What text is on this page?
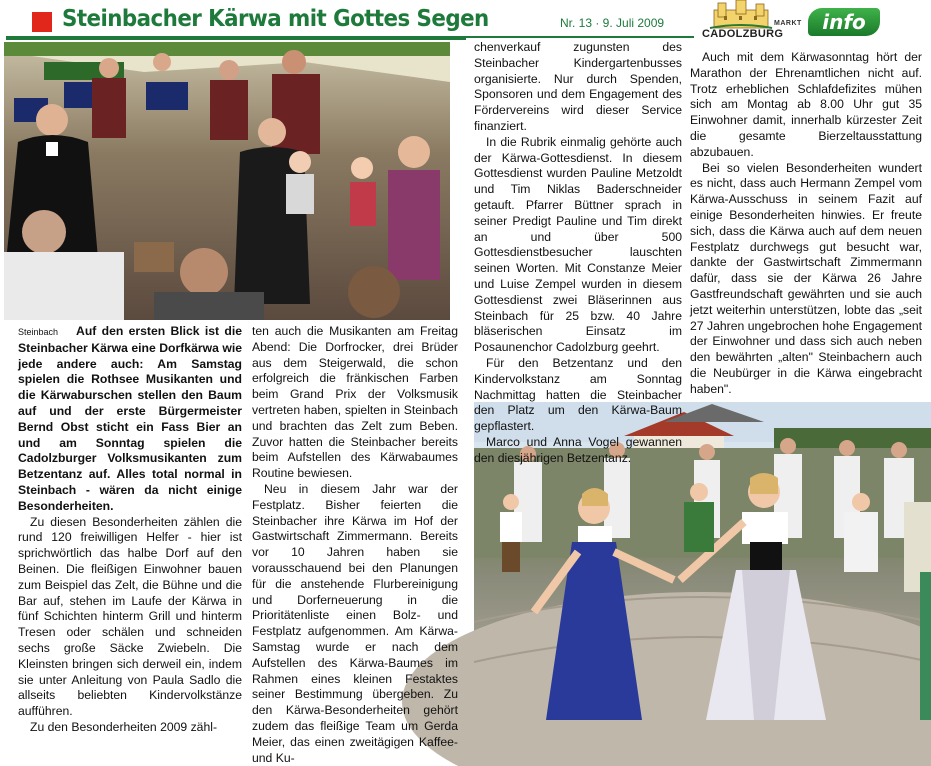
Steinbacher Kärwa mit Gottes Segen	Nr. 13 · 9. Juli 2009	MARKT
CADOLZBURG	info

Steinbach Auf den ersten Blick ist die Steinbacher Kärwa eine Dorfkärwa wie jede andere auch: Am Samstag spielen die Rothsee Musikanten und die Kärwaburschen stellen den Baum auf und der erste Bürgermeister Bernd Obst sticht ein Fass Bier an und am Sonntag spielen die Cadolzburger Volksmusikanten zum Betzentanz auf. Alles total normal in Steinbach - wären da nicht einige Besonderheiten.

Zu diesen Besonderheiten zählen die rund 120 freiwilligen Helfer - hier ist sprichwörtlich das halbe Dorf auf den Beinen. Die fleißigen Einwohner bauen zum Beispiel das Zelt, die Bühne und die Bar auf, stehen im Laufe der Kärwa in fünf Schichten hinterm Grill und hinterm Tresen oder schälen und schneiden sechs große Säcke Zwiebeln. Die Kleinsten bringen sich derweil ein, indem sie unter Anleitung von Paula Sadlo die allseits beliebten Kindervolkstänze aufführen.

Zu den Besonderheiten 2009 zähl-

ten auch die Musikanten am Freitag Abend: Die Dorfrocker, drei Brüder aus dem Steigerwald, die schon erfolgreich die fränkischen Farben beim Grand Prix der Volksmusik vertreten haben, spielten in Steinbach und brachten das Zelt zum Beben. Zuvor hatten die Steinbacher bereits beim Aufstellen des Kärwabaumes Routine bewiesen.

Neu in diesem Jahr war der Festplatz. Bisher feierten die Steinbacher ihre Kärwa im Hof der Gastwirtschaft Zimmermann. Bereits vor 10 Jahren haben sie vorausschauend bei den Planungen für die anstehende Flurbereinigung und Dorferneuerung in die Prioritätenliste einen Bolz- und Festplatz aufgenommen. Am Kärwa-Samstag wurde er nach dem Aufstellen des Kärwa-Baumes im Rahmen eines kleinen Festaktes seiner Bestimmung übergeben. Zu den Kärwa-Besonderheiten gehört zudem das fleißige Team um Gerda Meier, das einen zweitägigen Kaffee- und Ku-

chenverkauf zugunsten des Steinbacher Kindergartenbusses organisierte. Nur durch Spenden, Sponsoren und dem Engagement des Fördervereins wird dieser Service finanziert.

In die Rubrik einmalig gehörte auch der Kärwa-Gottesdienst. In diesem Gottesdienst wurden Pauline Metzoldt und Tim Niklas Baderschneider getauft. Pfarrer Büttner sprach in seiner Predigt Pauline und Tim direkt an und über 500 Gottesdienstbesucher lauschten seinen Worten. Mit Constanze Meier und Luise Zempel wurden in diesem Gottesdienst zwei Bläserinnen aus Steinbach für 25 bzw. 40 Jahre bläserischen Einsatz im Posaunenchor Cadolzburg geehrt.

Für den Betzentanz und den Kindervolkstanz am Sonntag Nachmittag hatten die Steinbacher den Platz um den Kärwa-Baum gepflastert.

Marco und Anna Vogel gewannen den diesjährigen Betzentanz.

Auch mit dem Kärwasonntag hört der Marathon der Ehrenamtlichen nicht auf. Trotz erheblichen Schlafdefizites mühen sich am Montag ab 8.00 Uhr gut 35 Einwohner damit, innerhalb kürzester Zeit die gesamte Bierzeltausstattung abzubauen.

Bei so vielen Besonderheiten wundert es nicht, dass auch Hermann Zempel vom Kärwa-Ausschuss in seinem Fazit auf einige Besonderheiten hinwies. Er freute sich, dass die Kärwa auch auf dem neuen Festplatz durchwegs gut besucht war, dankte der Gastwirtschaft Zimmermann dafür, dass sie der Kärwa 26 Jahre Gastfreundschaft gewährten und sie auch jetzt weiterhin unterstützen, lobte das „seit 27 Jahren ungebrochen hohe Engagement der Einwohner und dass sich auch neben den bewährten „alten" Steinbachern auch die Neubürger in die Kärwa eingebracht haben".
